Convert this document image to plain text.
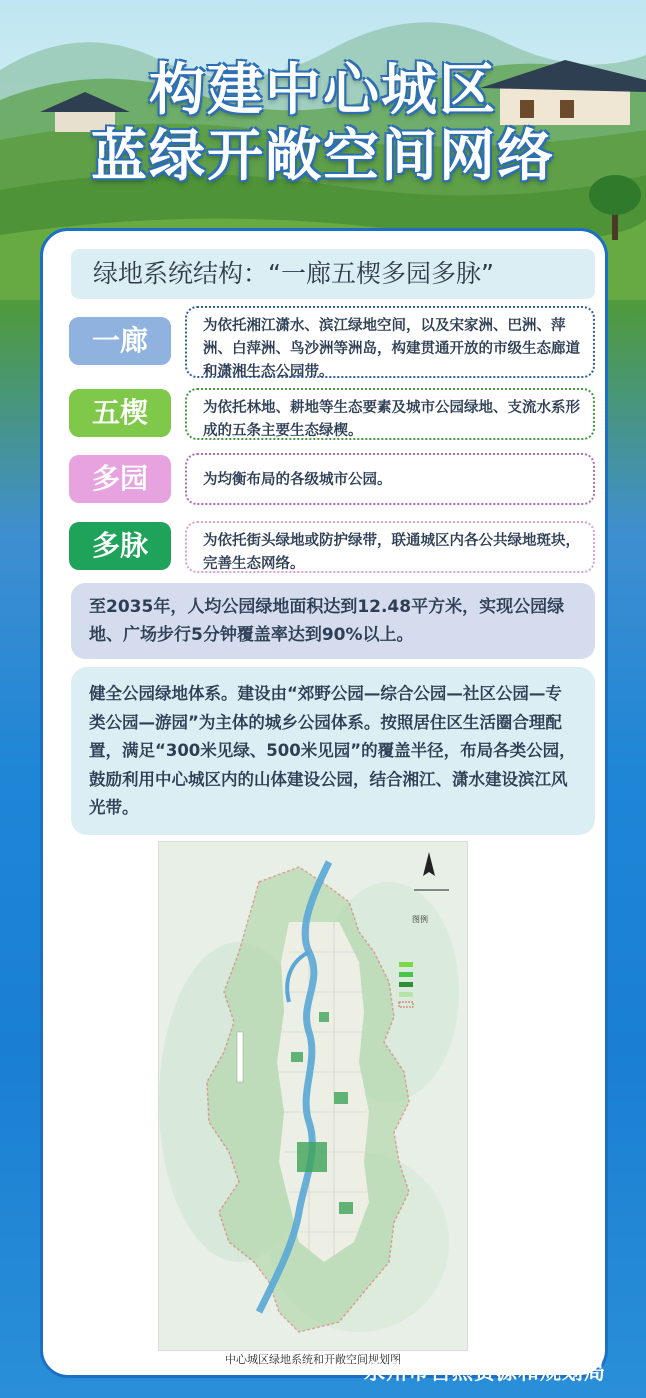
构建中心城区
蓝绿开敞空间网络
绿地系统结构：“一廊五楔多园多脉”
一廊	为依托湘江潇水、滨江绿地空间，以及宋家洲、巴洲、萍洲、白萍洲、鸟沙洲等洲岛，构建贯通开放的市级生态廊道和潇湘生态公园带。
五楔	为依托林地、耕地等生态要素及城市公园绿地、支流水系形成的五条主要生态绿楔。
多园	为均衡布局的各级城市公园。
多脉	为依托街头绿地或防护绿带，联通城区内各公共绿地斑块，完善生态网络。
至2035年，人均公园绿地面积达到12.48平方米，实现公园绿地、广场步行5分钟覆盖率达到90%以上。
健全公园绿地体系。建设由“郊野公园—综合公园—社区公园—专类公园—游园”为主体的城乡公园体系。按照居住区生活圈合理配置，满足“300米见绿、500米见园”的覆盖半径，布局各类公园，鼓励利用中心城区内的山体建设公园，结合湘江、潇水建设滨江风光带。
图例
中心城区绿地系统和开敞空间规划图
永州市自然资源和规划局
